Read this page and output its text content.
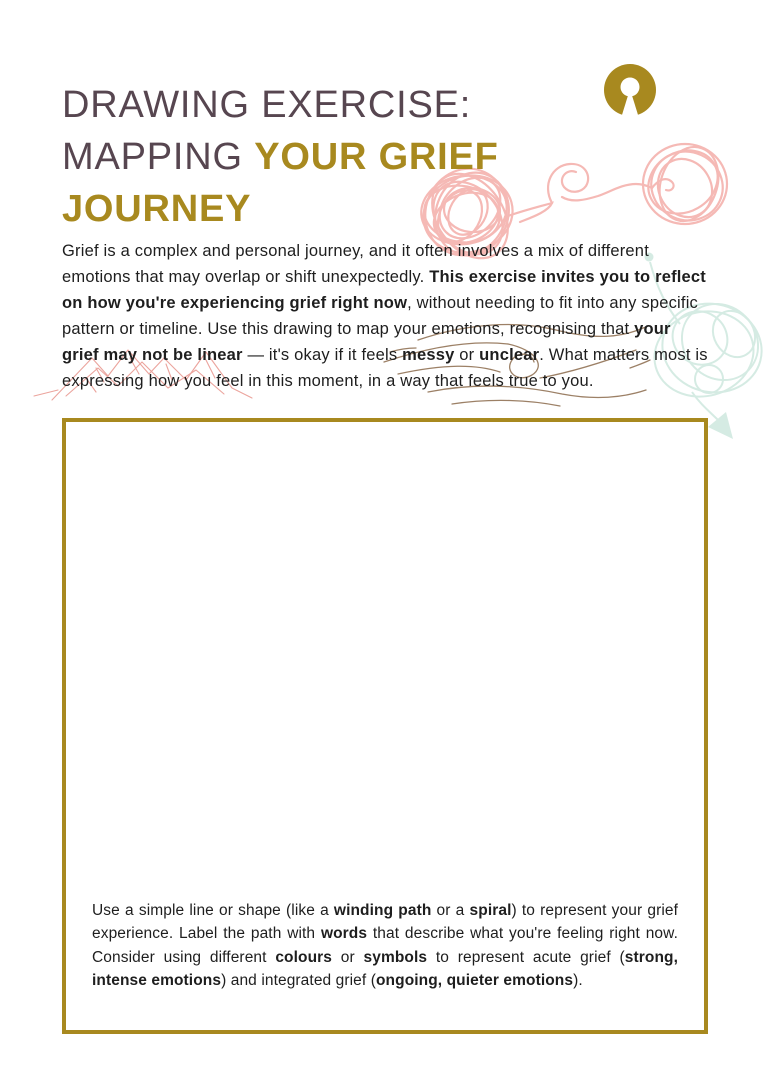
DRAWING EXERCISE:
MAPPING YOUR GRIEF
JOURNEY

Grief is a complex and personal journey, and it often involves a mix of different emotions that may overlap or shift unexpectedly. This exercise invites you to reflect on how you're experiencing grief right now, without needing to fit into any specific pattern or timeline. Use this drawing to map your emotions, recognising that your grief may not be linear — it's okay if it feels messy or unclear. What matters most is expressing how you feel in this moment, in a way that feels true to you.

Use a simple line or shape (like a winding path or a spiral) to represent your grief experience. Label the path with words that describe what you're feeling right now. Consider using different colours or symbols to represent acute grief (strong, intense emotions) and integrated grief (ongoing, quieter emotions).
